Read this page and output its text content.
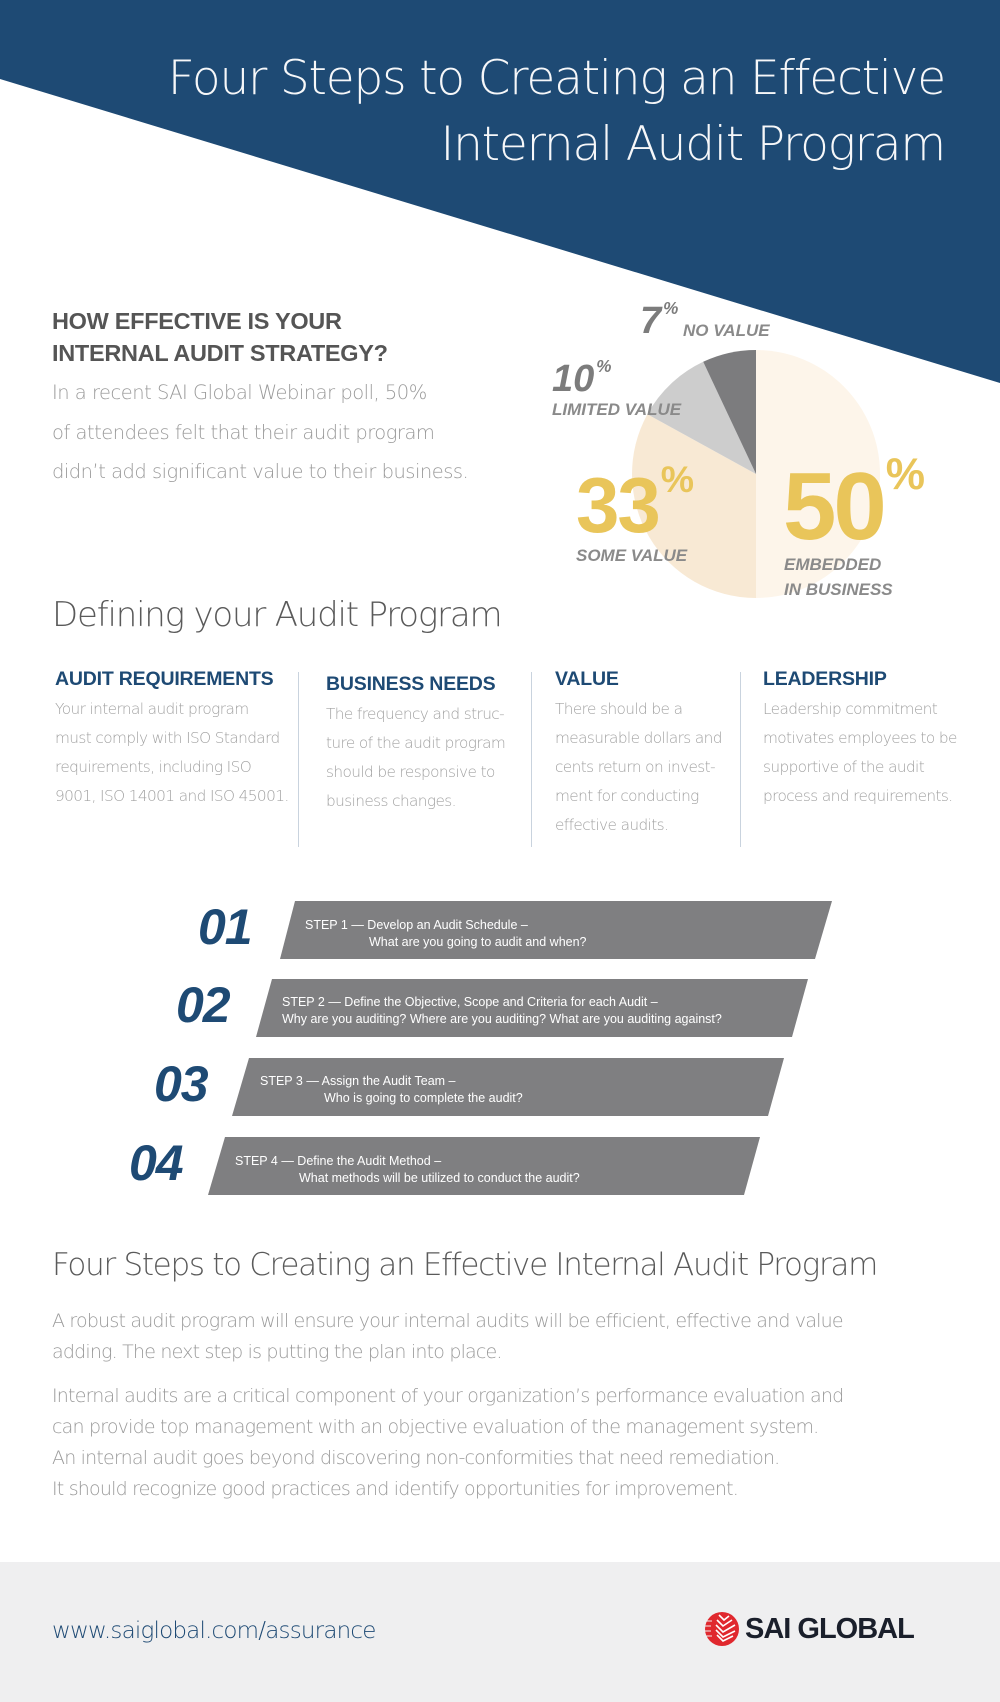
Four Steps to Creating an Effective
Internal Audit Program
HOW EFFECTIVE IS YOUR
INTERNAL AUDIT STRATEGY?
In a recent SAI Global Webinar poll, 50%
of attendees felt that their audit program
didn’t add significant value to their business.
7 %
NO VALUE
10 %
LIMITED VALUE
33%
SOME VALUE 50%
EMBEDDED
IN BUSINESS
Defining your Audit Program
AUDIT REQUIREMENTS

Your internal audit program
must comply with ISO Standard
requirements, including ISO
9001, ISO 14001 and ISO 45001.

BUSINESS NEEDS

The frequency and struc-
ture of the audit program
should be responsive to
business changes.

VALUE

There should be a
measurable dollars and
cents return on invest-
ment for conducting
effective audits.

LEADERSHIP

Leadership commitment
motivates employees to be
supportive of the audit
process and requirements.

01	STEP 1 — Develop an Audit Schedule –
What are you going to audit and when?
02	STEP 2 — Define the Objective, Scope and Criteria for each Audit –
Why are you auditing? Where are you auditing? What are you auditing against?
03	STEP 3 — Assign the Audit Team –
Who is going to complete the audit?
04	STEP 4 — Define the Audit Method –
What methods will be utilized to conduct the audit?
Four Steps to Creating an Effective Internal Audit Program
A robust audit program will ensure your internal audits will be efficient, effective and value
adding. The next step is putting the plan into place.
Internal audits are a critical component of your organization’s performance evaluation and
can provide top management with an objective evaluation of the management system.
An internal audit goes beyond discovering non-conformities that need remediation.
It should recognize good practices and identify opportunities for improvement.
www.saiglobal.com/assurance	SAI GLOBAL
